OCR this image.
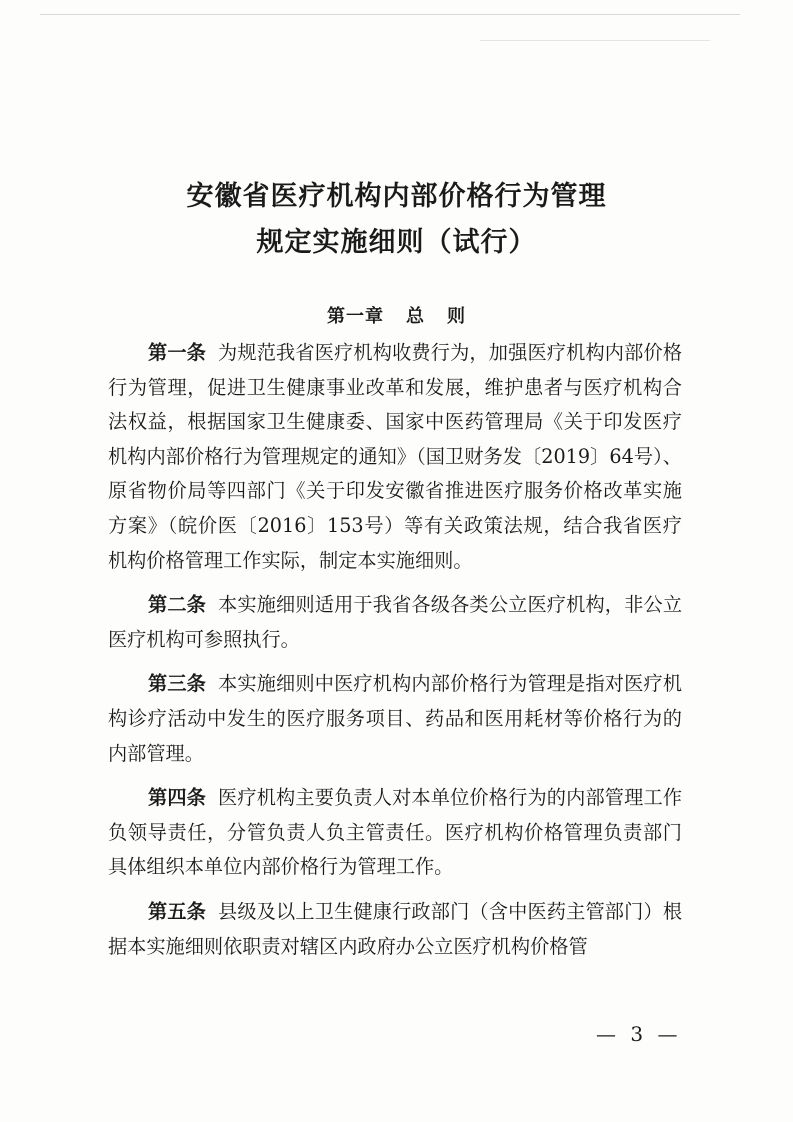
安徽省医疗机构内部价格行为管理
规定实施细则（试行）
第一章 总 则

第一条 为规范我省医疗机构收费行为，加强医疗机构内部价格行为管理，促进卫生健康事业改革和发展，维护患者与医疗机构合法权益，根据国家卫生健康委、国家中医药管理局《关于印发医疗机构内部价格行为管理规定的通知》（国卫财务发〔2019〕64号）、原省物价局等四部门《关于印发安徽省推进医疗服务价格改革实施方案》（皖价医〔2016〕153号）等有关政策法规，结合我省医疗机构价格管理工作实际，制定本实施细则。

第二条 本实施细则适用于我省各级各类公立医疗机构，非公立医疗机构可参照执行。

第三条 本实施细则中医疗机构内部价格行为管理是指对医疗机构诊疗活动中发生的医疗服务项目、药品和医用耗材等价格行为的内部管理。

第四条 医疗机构主要负责人对本单位价格行为的内部管理工作负领导责任，分管负责人负主管责任。医疗机构价格管理负责部门具体组织本单位内部价格行为管理工作。

第五条 县级及以上卫生健康行政部门（含中医药主管部门）根据本实施细则依职责对辖区内政府办公立医疗机构价格管

— 3 —
